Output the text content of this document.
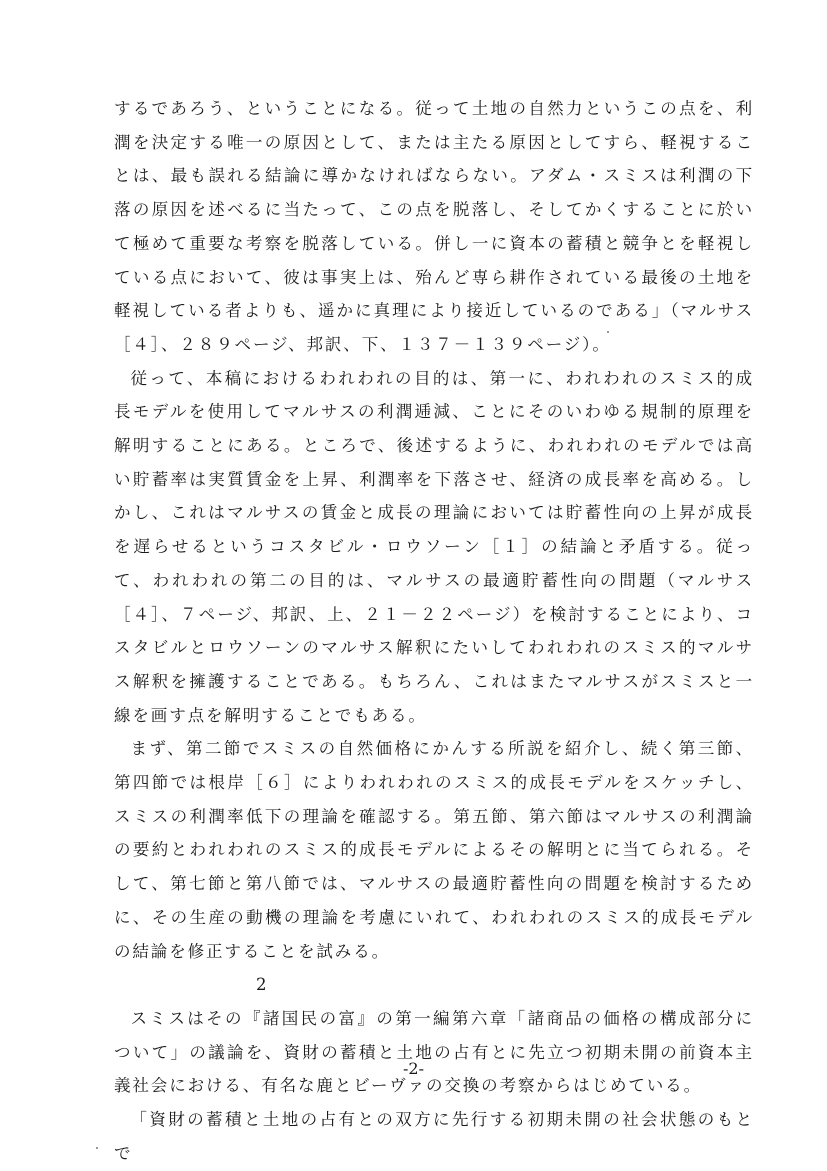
するであろう、ということになる。従って土地の自然力というこの点を、利潤を決定する唯一の原因として、または主たる原因としてすら、軽視することは、最も誤れる結論に導かなければならない。アダム・スミスは利潤の下落の原因を述べるに当たって、この点を脱落し、そしてかくすることに於いて極めて重要な考察を脱落している。併し一に資本の蓄積と競争とを軽視している点において、彼は事実上は、殆んど専ら耕作されている最後の土地を軽視している者よりも、遥かに真理により接近しているのである」（マルサス［４］、２８９ページ、邦訳、下、１３７－１３９ページ）。

従って、本稿におけるわれわれの目的は、第一に、われわれのスミス的成長モデルを使用してマルサスの利潤逓減、ことにそのいわゆる規制的原理を解明することにある。ところで、後述するように、われわれのモデルでは高い貯蓄率は実質賃金を上昇、利潤率を下落させ、経済の成長率を高める。しかし、これはマルサスの賃金と成長の理論においては貯蓄性向の上昇が成長を遅らせるというコスタビル・ロウソーン［１］の結論と矛盾する。従って、われわれの第二の目的は、マルサスの最適貯蓄性向の問題（マルサス［４］、７ページ、邦訳、上、２１－２２ページ）を検討することにより、コスタビルとロウソーンのマルサス解釈にたいしてわれわれのスミス的マルサス解釈を擁護することである。もちろん、これはまたマルサスがスミスと一線を画す点を解明することでもある。

まず、第二節でスミスの自然価格にかんする所説を紹介し、続く第三節、第四節では根岸［６］によりわれわれのスミス的成長モデルをスケッチし、スミスの利潤率低下の理論を確認する。第五節、第六節はマルサスの利潤論の要約とわれわれのスミス的成長モデルによるその解明とに当てられる。そして、第七節と第八節では、マルサスの最適貯蓄性向の問題を検討するために、その生産の動機の理論を考慮にいれて、われわれのスミス的成長モデルの結論を修正することを試みる。

2

スミスはその『諸国民の富』の第一編第六章「諸商品の価格の構成部分について」の議論を、資財の蓄積と土地の占有とに先立つ初期未開の前資本主義社会における、有名な鹿とビーヴァの交換の考察からはじめている。

「資財の蓄積と土地の占有との双方に先行する初期未開の社会状態のもとで

-2-
